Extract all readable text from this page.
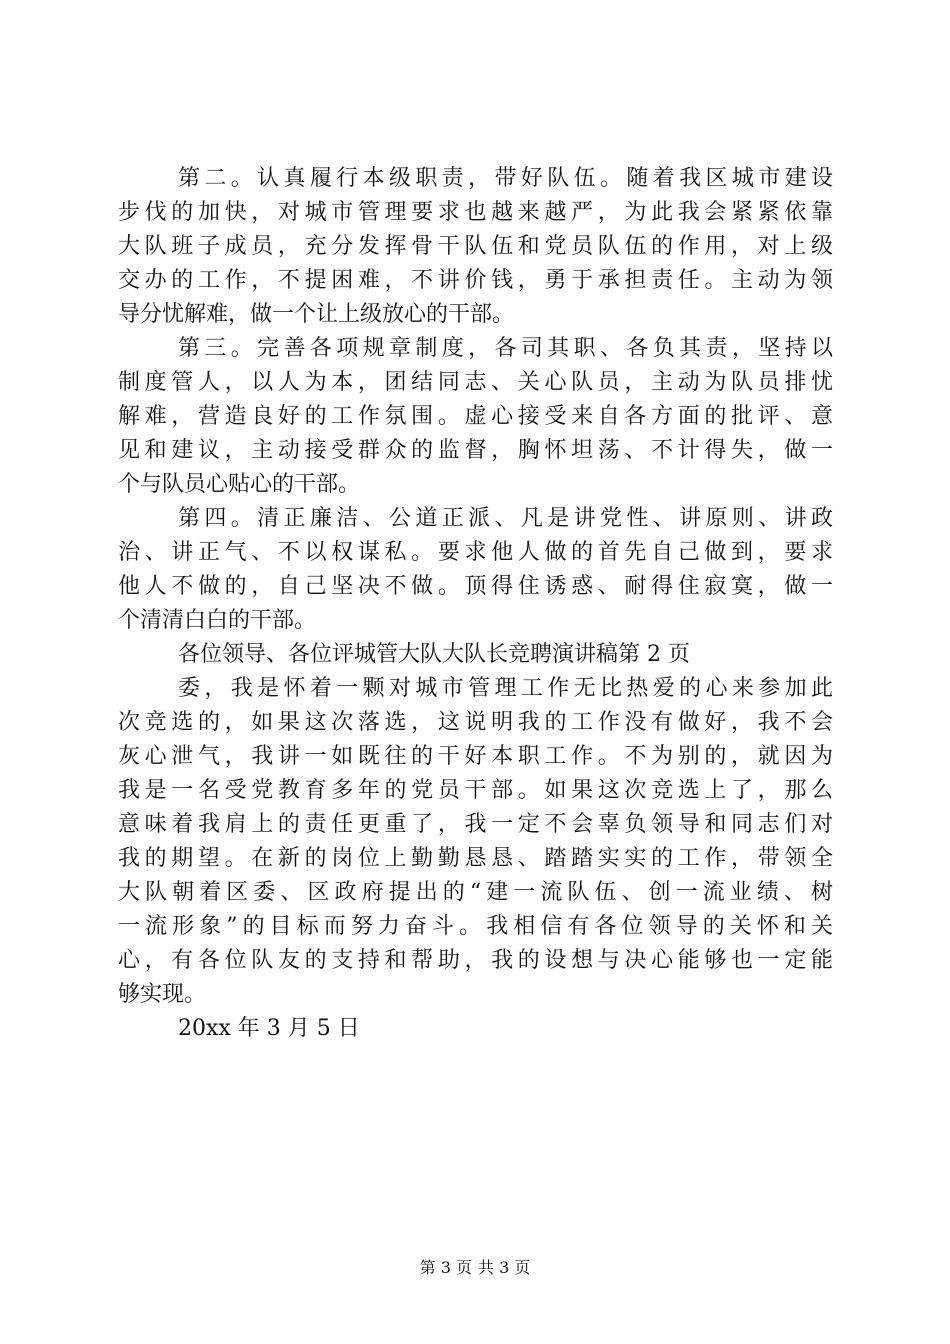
第二。认真履行本级职责，带好队伍。随着我区城市建设
步伐的加快，对城市管理要求也越来越严，为此我会紧紧依靠
大队班子成员，充分发挥骨干队伍和党员队伍的作用，对上级
交办的工作，不提困难，不讲价钱，勇于承担责任。主动为领
导分忧解难，做一个让上级放心的干部。
第三。完善各项规章制度，各司其职、各负其责，坚持以
制度管人，以人为本，团结同志、关心队员，主动为队员排忧
解难，营造良好的工作氛围。虚心接受来自各方面的批评、意
见和建议，主动接受群众的监督，胸怀坦荡、不计得失，做一
个与队员心贴心的干部。
第四。清正廉洁、公道正派、凡是讲党性、讲原则、讲政
治、讲正气、不以权谋私。要求他人做的首先自己做到，要求
他人不做的，自己坚决不做。顶得住诱惑、耐得住寂寞，做一
个清清白白的干部。
各位领导、各位评城管大队大队长竞聘演讲稿第 2 页
委，我是怀着一颗对城市管理工作无比热爱的心来参加此
次竞选的，如果这次落选，这说明我的工作没有做好，我不会
灰心泄气，我讲一如既往的干好本职工作。不为别的，就因为
我是一名受党教育多年的党员干部。如果这次竞选上了，那么
意味着我肩上的责任更重了，我一定不会辜负领导和同志们对
我的期望。在新的岗位上勤勤恳恳、踏踏实实的工作，带领全
大队朝着区委、区政府提出的“建一流队伍、创一流业绩、树
一流形象”的目标而努力奋斗。我相信有各位领导的关怀和关
心，有各位队友的支持和帮助，我的设想与决心能够也一定能
够实现。
20xx 年 3 月 5 日
第 3 页 共 3 页
